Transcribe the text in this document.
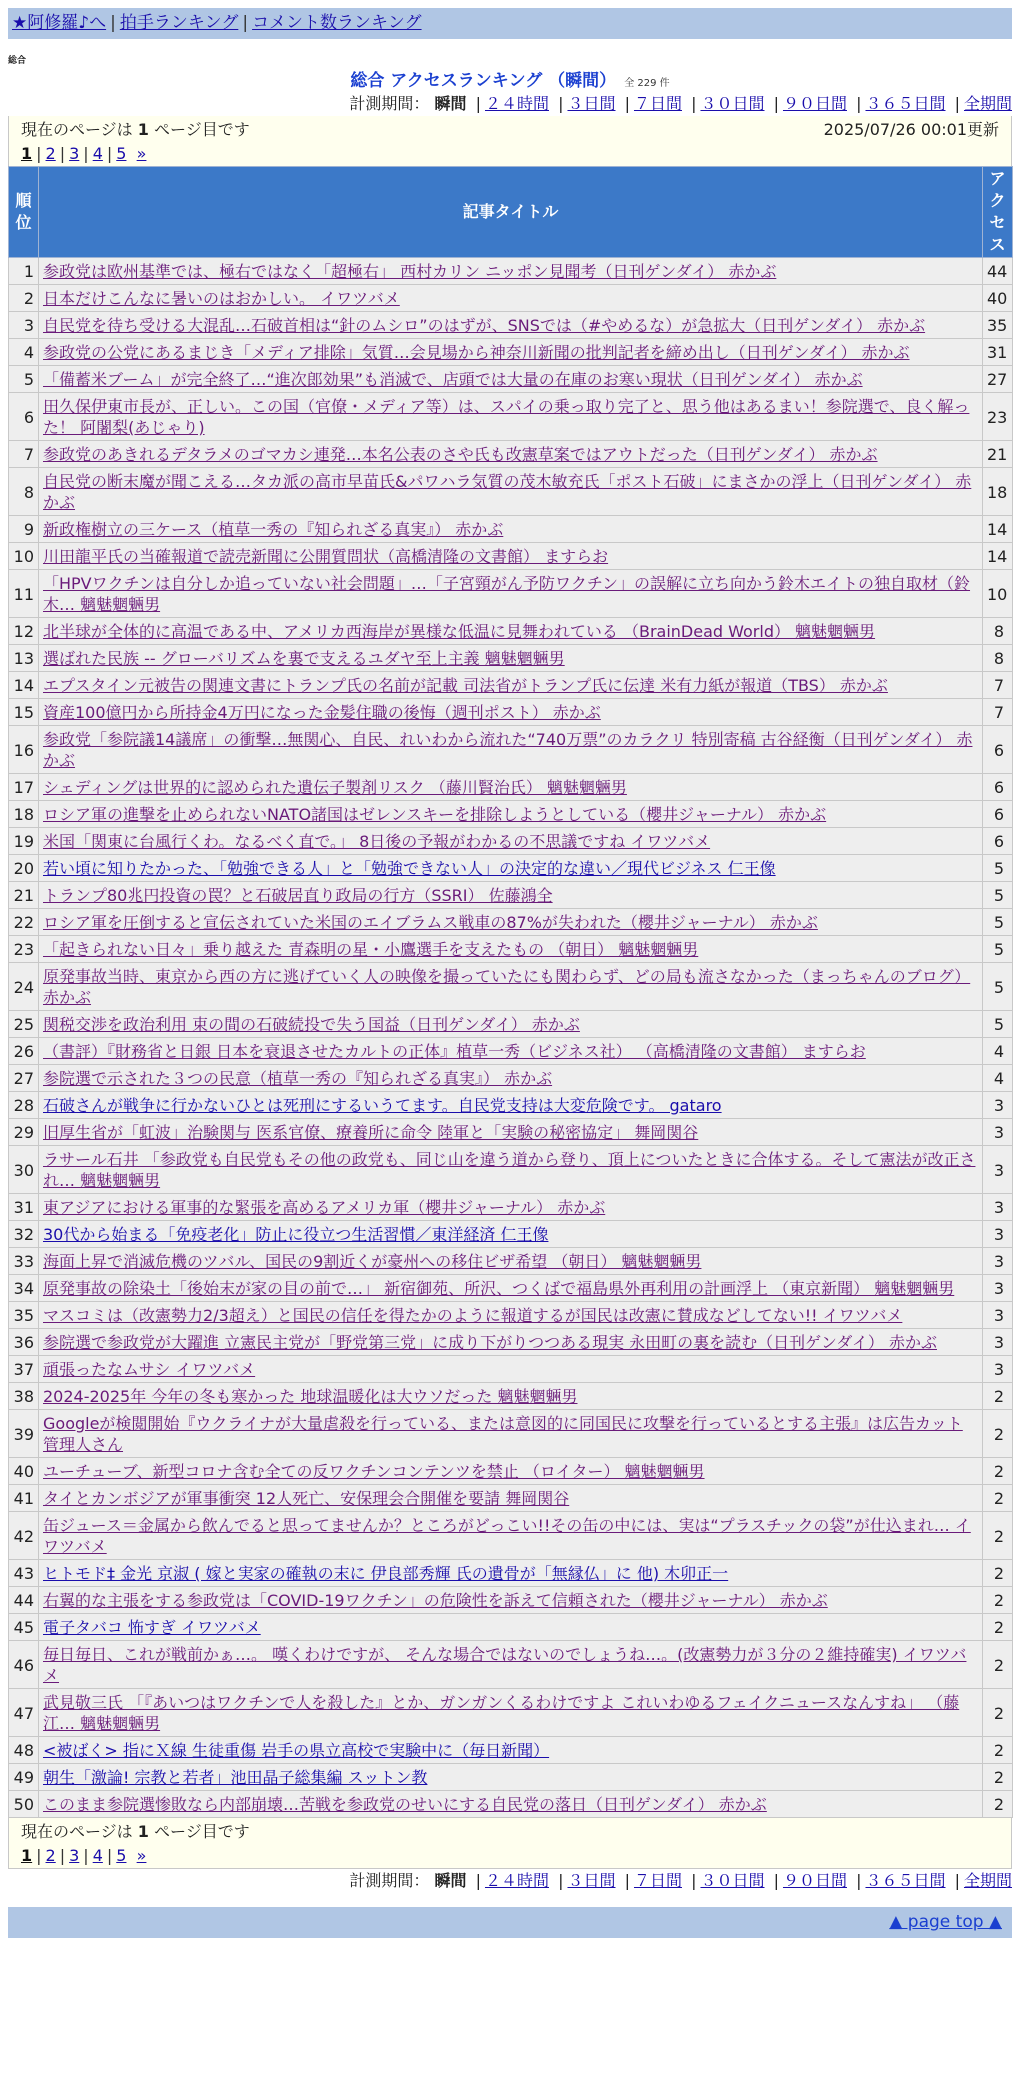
★阿修羅♪へ | 拍手ランキング | コメント数ランキング
総合
総合 アクセスランキング （瞬間） 全 229 件
計測期間： 瞬間 | ２４時間 | ３日間 | ７日間 | ３０日間 | ９０日間 | ３６５日間 | 全期間
現在のページは 1 ページ目です	2025/07/26 00:01更新
1 | 2 | 3 | 4 | 5 »
順位	記事タイトル	アクセス
1	参政党は欧州基準では、極右ではなく「超極右」 西村カリン ニッポン見聞考（日刊ゲンダイ） 赤かぶ	44
2	日本だけこんなに暑いのはおかしい。 イワツバメ	40
3	自民党を待ち受ける大混乱…石破首相は“針のムシロ”のはずが、SNSでは（#やめるな）が急拡大（日刊ゲンダイ） 赤かぶ	35
4	参政党の公党にあるまじき「メディア排除」気質…会見場から神奈川新聞の批判記者を締め出し（日刊ゲンダイ） 赤かぶ	31
5	「備蓄米ブーム」が完全終了…“進次郎効果”も消滅で、店頭では大量の在庫のお寒い現状（日刊ゲンダイ） 赤かぶ	27
6	田久保伊東市長が、正しい。この国（官僚・メディア等）は、スパイの乗っ取り完了と、思う他はあるまい！参院選で、良く解った！ 阿闍梨(あじゃり)	23
7	参政党のあきれるデタラメのゴマカシ連発…本名公表のさや氏も改憲草案ではアウトだった（日刊ゲンダイ） 赤かぶ	21
8	自民党の断末魔が聞こえる…タカ派の高市早苗氏&パワハラ気質の茂木敏充氏「ポスト石破」にまさかの浮上（日刊ゲンダイ） 赤かぶ	18
9	新政権樹立の三ケース（植草一秀の『知られざる真実』） 赤かぶ	14
10	川田龍平氏の当確報道で読売新聞に公開質問状（高橋清隆の文書館） ますらお	14
11	「HPVワクチンは自分しか追っていない社会問題」…「子宮頸がん予防ワクチン」の誤解に立ち向かう鈴木エイトの独自取材（鈴木… 魑魅魍魎男	10
12	北半球が全体的に高温である中、アメリカ西海岸が異様な低温に見舞われている （BrainDead World） 魑魅魍魎男	8
13	選ばれた民族 -- グローバリズムを裏で支えるユダヤ至上主義 魑魅魍魎男	8
14	エプスタイン元被告の関連文書にトランプ氏の名前が記載 司法省がトランプ氏に伝達 米有力紙が報道（TBS） 赤かぶ	7
15	資産100億円から所持金4万円になった金髪住職の後悔（週刊ポスト） 赤かぶ	7
16	参政党「参院議14議席」の衝撃…無関心、自民、れいわから流れた“740万票”のカラクリ 特別寄稿 古谷経衡（日刊ゲンダイ） 赤かぶ	6
17	シェディングは世界的に認められた遺伝子製剤リスク （藤川賢治氏） 魑魅魍魎男	6
18	ロシア軍の進撃を止められないNATO諸国はゼレンスキーを排除しようとしている（櫻井ジャーナル） 赤かぶ	6
19	米国「関東に台風行くわ。なるべく直で。」 8日後の予報がわかるの不思議ですね イワツバメ	6
20	若い頃に知りたかった、「勉強できる人」と「勉強できない人」の決定的な違い／現代ビジネス 仁王像	5
21	トランプ80兆円投資の罠？と石破居直り政局の行方（SSRI） 佐藤鴻全	5
22	ロシア軍を圧倒すると宣伝されていた米国のエイブラムス戦車の87%が失われた（櫻井ジャーナル） 赤かぶ	5
23	「起きられない日々」乗り越えた 青森明の星・小鷹選手を支えたもの （朝日） 魑魅魍魎男	5
24	原発事故当時、東京から西の方に逃げていく人の映像を撮っていたにも関わらず、どの局も流さなかった（まっちゃんのブログ） 赤かぶ	5
25	関税交渉を政治利用 束の間の石破続投で失う国益（日刊ゲンダイ） 赤かぶ	5
26	（書評）『財務省と日銀 日本を衰退させたカルトの正体』植草一秀（ビジネス社） （高橋清隆の文書館） ますらお	4
27	参院選で示された３つの民意（植草一秀の『知られざる真実』） 赤かぶ	4
28	石破さんが戦争に行かないひとは死刑にするいうてます。自民党支持は大変危険です。 gataro	3
29	旧厚生省が「虹波」治験関与 医系官僚、療養所に命令 陸軍と「実験の秘密協定」 舞岡関谷	3
30	ラサール石井 「参政党も自民党もその他の政党も、同じ山を違う道から登り、頂上についたときに合体する。そして憲法が改正され… 魑魅魍魎男	3
31	東アジアにおける軍事的な緊張を高めるアメリカ軍（櫻井ジャーナル） 赤かぶ	3
32	30代から始まる「免疫老化」防止に役立つ生活習慣／東洋経済 仁王像	3
33	海面上昇で消滅危機のツバル、国民の9割近くが豪州への移住ビザ希望 （朝日） 魑魅魍魎男	3
34	原発事故の除染土「後始末が家の目の前で…」 新宿御苑、所沢、つくばで福島県外再利用の計画浮上 （東京新聞） 魑魅魍魎男	3
35	マスコミは（改憲勢力2/3超え）と国民の信任を得たかのように報道するが国民は改憲に賛成などしてない!! イワツバメ	3
36	参院選で参政党が大躍進 立憲民主党が「野党第三党」に成り下がりつつある現実 永田町の裏を読む（日刊ゲンダイ） 赤かぶ	3
37	頑張ったなムサシ イワツバメ	3
38	2024-2025年 今年の冬も寒かった 地球温暖化は大ウソだった 魑魅魍魎男	2
39	Googleが検閲開始『ウクライナが大量虐殺を行っている、または意図的に同国民に攻撃を行っているとする主張』は広告カット 管理人さん	2
40	ユーチューブ、新型コロナ含む全ての反ワクチンコンテンツを禁止 （ロイター） 魑魅魍魎男	2
41	タイとカンボジアが軍事衝突 12人死亡、安保理会合開催を要請 舞岡関谷	2
42	缶ジュース＝金属から飲んでると思ってませんか？ところがどっこい!!その缶の中には、実は“プラスチックの袋”が仕込まれ… イワツバメ	2
43	ヒトモド‡ 金光 京淑 ( 嫁と実家の確執の末に 伊良部秀輝 氏の遺骨が「無縁仏」に 他) 木卯正一	2
44	右翼的な主張をする参政党は「COVID-19ワクチン」の危険性を訴えて信頼された（櫻井ジャーナル） 赤かぶ	2
45	電子タバコ 怖すぎ イワツバメ	2
46	毎日毎日、これが戦前かぁ…。 嘆くわけですが、 そんな場合ではないのでしょうね…。(改憲勢力が３分の２維持確実) イワツバメ	2
47	武見敬三氏 「『あいつはワクチンで人を殺した』とか、ガンガンくるわけですよ これいわゆるフェイクニュースなんすね」 （藤江… 魑魅魍魎男	2
48	<被ばく> 指にＸ線 生徒重傷 岩手の県立高校で実験中に（毎日新聞）	2
49	朝生「激論! 宗教と若者」池田晶子総集編 スットン教	2
50	このまま参院選惨敗なら内部崩壊…苦戦を参政党のせいにする自民党の落日（日刊ゲンダイ） 赤かぶ	2
現在のページは 1 ページ目です
1 | 2 | 3 | 4 | 5 »
計測期間： 瞬間 | ２４時間 | ３日間 | ７日間 | ３０日間 | ９０日間 | ３６５日間 | 全期間
▲ page top ▲
